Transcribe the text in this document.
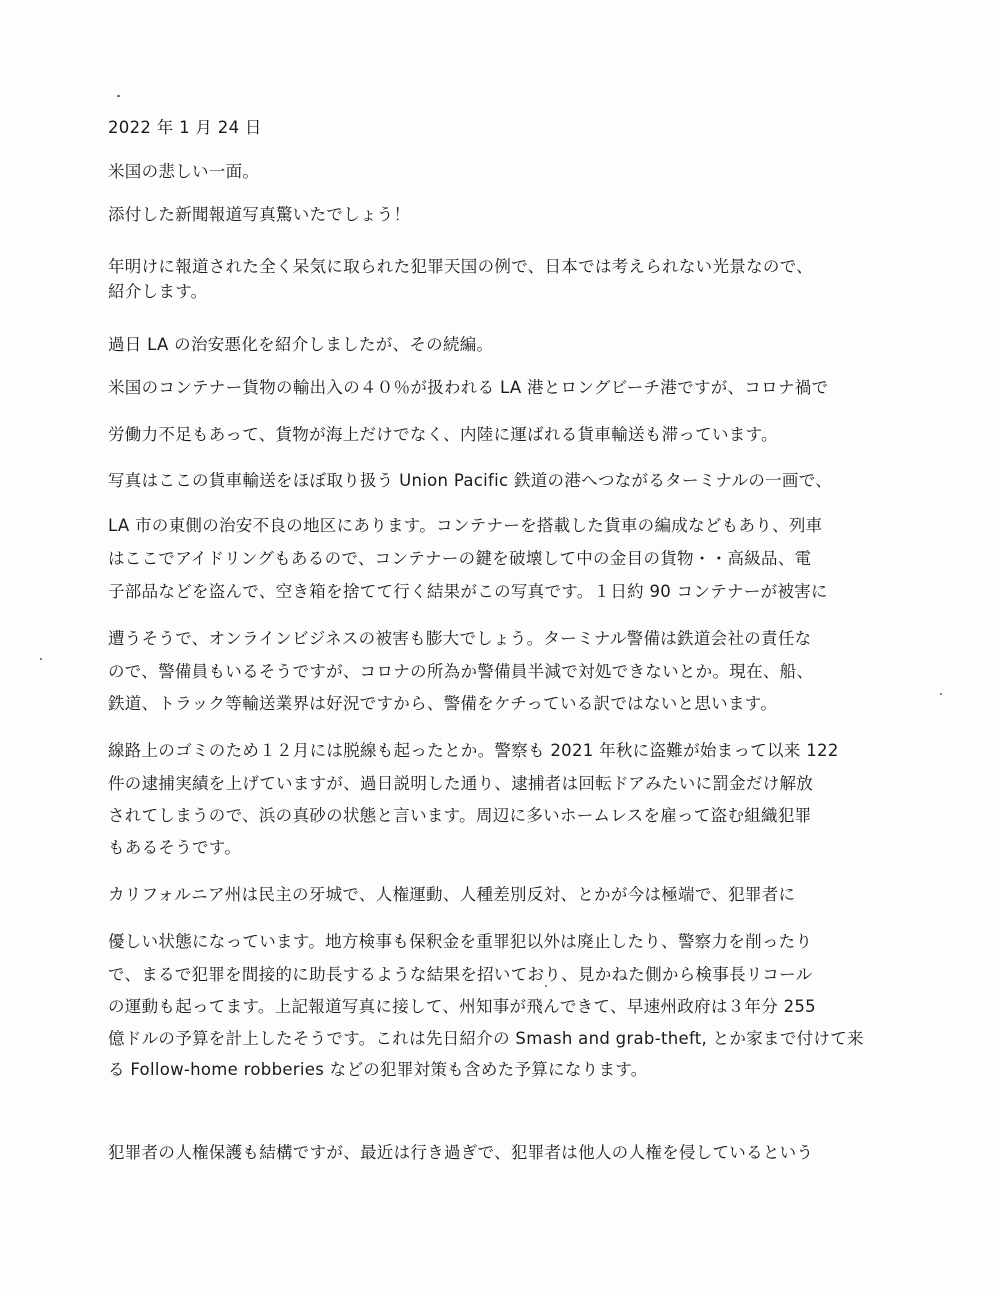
2022 年 1 月 24 日

米国の悲しい一面。

添付した新聞報道写真驚いたでしょう！

年明けに報道された全く呆気に取られた犯罪天国の例で、日本では考えられない光景なので、

紹介します。

過日 LA の治安悪化を紹介しましたが、その続編。

米国のコンテナー貨物の輸出入の４０％が扱われる LA 港とロングビーチ港ですが、コロナ禍で

労働力不足もあって、貨物が海上だけでなく、内陸に運ばれる貨車輸送も滞っています。

写真はここの貨車輸送をほぼ取り扱う Union Pacific 鉄道の港へつながるターミナルの一画で、

LA 市の東側の治安不良の地区にあります。コンテナーを搭載した貨車の編成などもあり、列車

はここでアイドリングもあるので、コンテナーの鍵を破壊して中の金目の貨物・・高級品、電

子部品などを盗んで、空き箱を捨てて行く結果がこの写真です。１日約 90 コンテナーが被害に

遭うそうで、オンラインビジネスの被害も膨大でしょう。ターミナル警備は鉄道会社の責任な

ので、警備員もいるそうですが、コロナの所為か警備員半減で対処できないとか。現在、船、

鉄道、トラック等輸送業界は好況ですから、警備をケチっている訳ではないと思います。

線路上のゴミのため１２月には脱線も起ったとか。警察も 2021 年秋に盗難が始まって以来 122

件の逮捕実績を上げていますが、過日説明した通り、逮捕者は回転ドアみたいに罰金だけ解放

されてしまうので、浜の真砂の状態と言います。周辺に多いホームレスを雇って盗む組織犯罪

もあるそうです。

カリフォルニア州は民主の牙城で、人権運動、人種差別反対、とかが今は極端で、犯罪者に

優しい状態になっています。地方検事も保釈金を重罪犯以外は廃止したり、警察力を削ったり

で、まるで犯罪を間接的に助長するような結果を招いており、見かねた側から検事長リコール

の運動も起ってます。上記報道写真に接して、州知事が飛んできて、早速州政府は３年分 255

億ドルの予算を計上したそうです。これは先日紹介の Smash and grab-theft, とか家まで付けて来

る Follow-home robberies などの犯罪対策も含めた予算になります。

犯罪者の人権保護も結構ですが、最近は行き過ぎで、犯罪者は他人の人権を侵しているという
